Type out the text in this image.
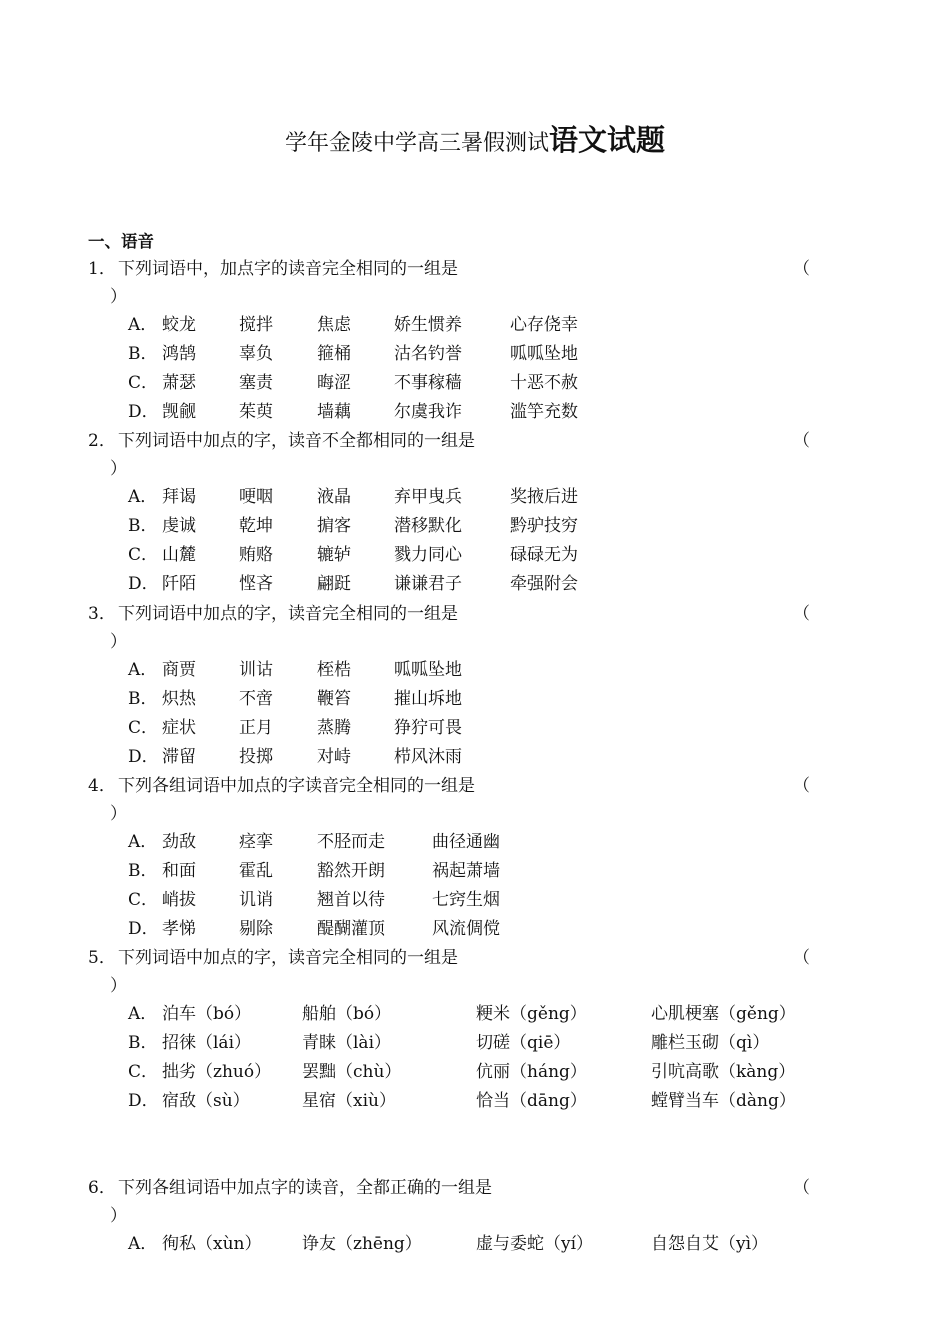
学年金陵中学高三暑假测试语文试题
一、语音
1． 下列词语中，加点字的读音完全相同的一组是	（
）
A． 蛟龙	搅拌	焦虑	娇生惯养	心存侥幸
B． 鸿鹄	辜负	箍桶	沽名钓誉	呱呱坠地
C． 萧瑟	塞责	晦涩	不事稼穑	十恶不赦
D． 觊觎	茱萸	墙藕	尔虞我诈	滥竽充数
2． 下列词语中加点的字，读音不全都相同的一组是	（
）
A． 拜谒	哽咽	液晶	弃甲曳兵	奖掖后进
B． 虔诚	乾坤	掮客	潜移默化	黔驴技穷
C． 山麓	贿赂	辘轳	戮力同心	碌碌无为
D． 阡陌	悭吝	翩跹	谦谦君子	牵强附会
3． 下列词语中加点的字，读音完全相同的一组是	（
）
A． 商贾	训诂	桎梏	呱呱坠地
B． 炽热	不啻	鞭笞	摧山坼地
C． 症状	正月	蒸腾	狰狞可畏
D． 滞留	投掷	对峙	栉风沐雨
4． 下列各组词语中加点的字读音完全相同的一组是	（
）
A． 劲敌	痉挛	不胫而走	曲径通幽
B． 和面	霍乱	豁然开朗	祸起萧墙
C． 峭拔	讥诮	翘首以待	七窍生烟
D． 孝悌	剔除	醍醐灌顶	风流倜傥
5． 下列词语中加点的字，读音完全相同的一组是	（
）
A． 泊车（bó）	船舶（bó）	粳米（gěng）	心肌梗塞（gěng）
B． 招徕（lái）	青睐（lài）	切磋（qiē）	雕栏玉砌（qì）
C． 拙劣（zhuó） 罢黜（chù）	伉丽（háng）	引吭高歌（kàng）
D． 宿敌（sù）	星宿（xiù）	恰当（dāng）	螳臂当车（dàng）
6． 下列各组词语中加点字的读音，全都正确的一组是	（
）
A． 徇私（xùn） 诤友（zhēng）	虚与委蛇（yí）	自怨自艾（yì）
